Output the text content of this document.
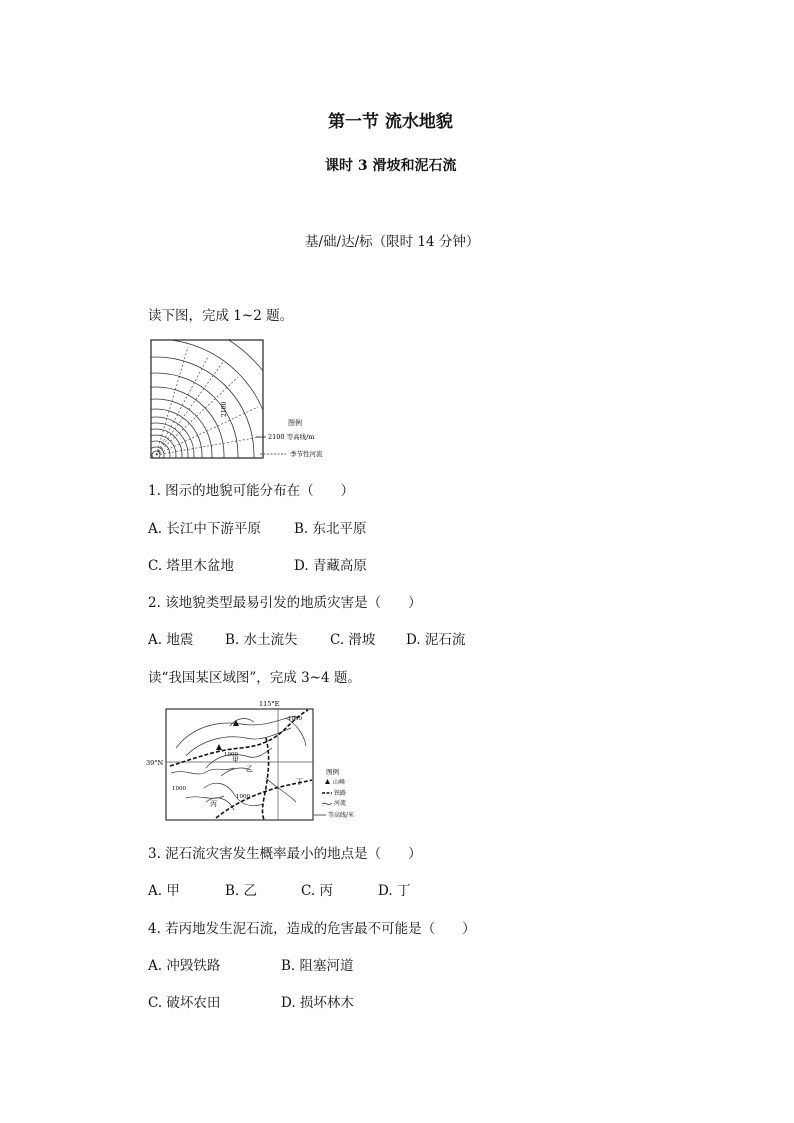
第一节 流水地貌
课时 3 滑坡和泥石流
基/础/达/标（限时 14 分钟）
读下图，完成 1~2 题。
2100
图例
2100 等高线/m
季节性河流
1. 图示的地貌可能分布在（　　）
A. 长江中下游平原 B. 东北平原
C. 塔里木盆地	D. 青藏高原
2. 该地貌类型最易引发的地质灾害是（　　）
A. 地震 B. 水土流失 C. 滑坡 D. 泥石流
读“我国某区域图”，完成 3~4 题。
115°E
39°N	甲
乙
丙
丁
1000
1000
1000
1000
图例
山峰
铁路
河流
等高线/米
3. 泥石流灾害发生概率最小的地点是（　　）
A. 甲	B. 乙	C. 丙	D. 丁
4. 若丙地发生泥石流，造成的危害最不可能是（　　）
A. 冲毁铁路	B. 阻塞河道
C. 破坏农田	D. 损坏林木
